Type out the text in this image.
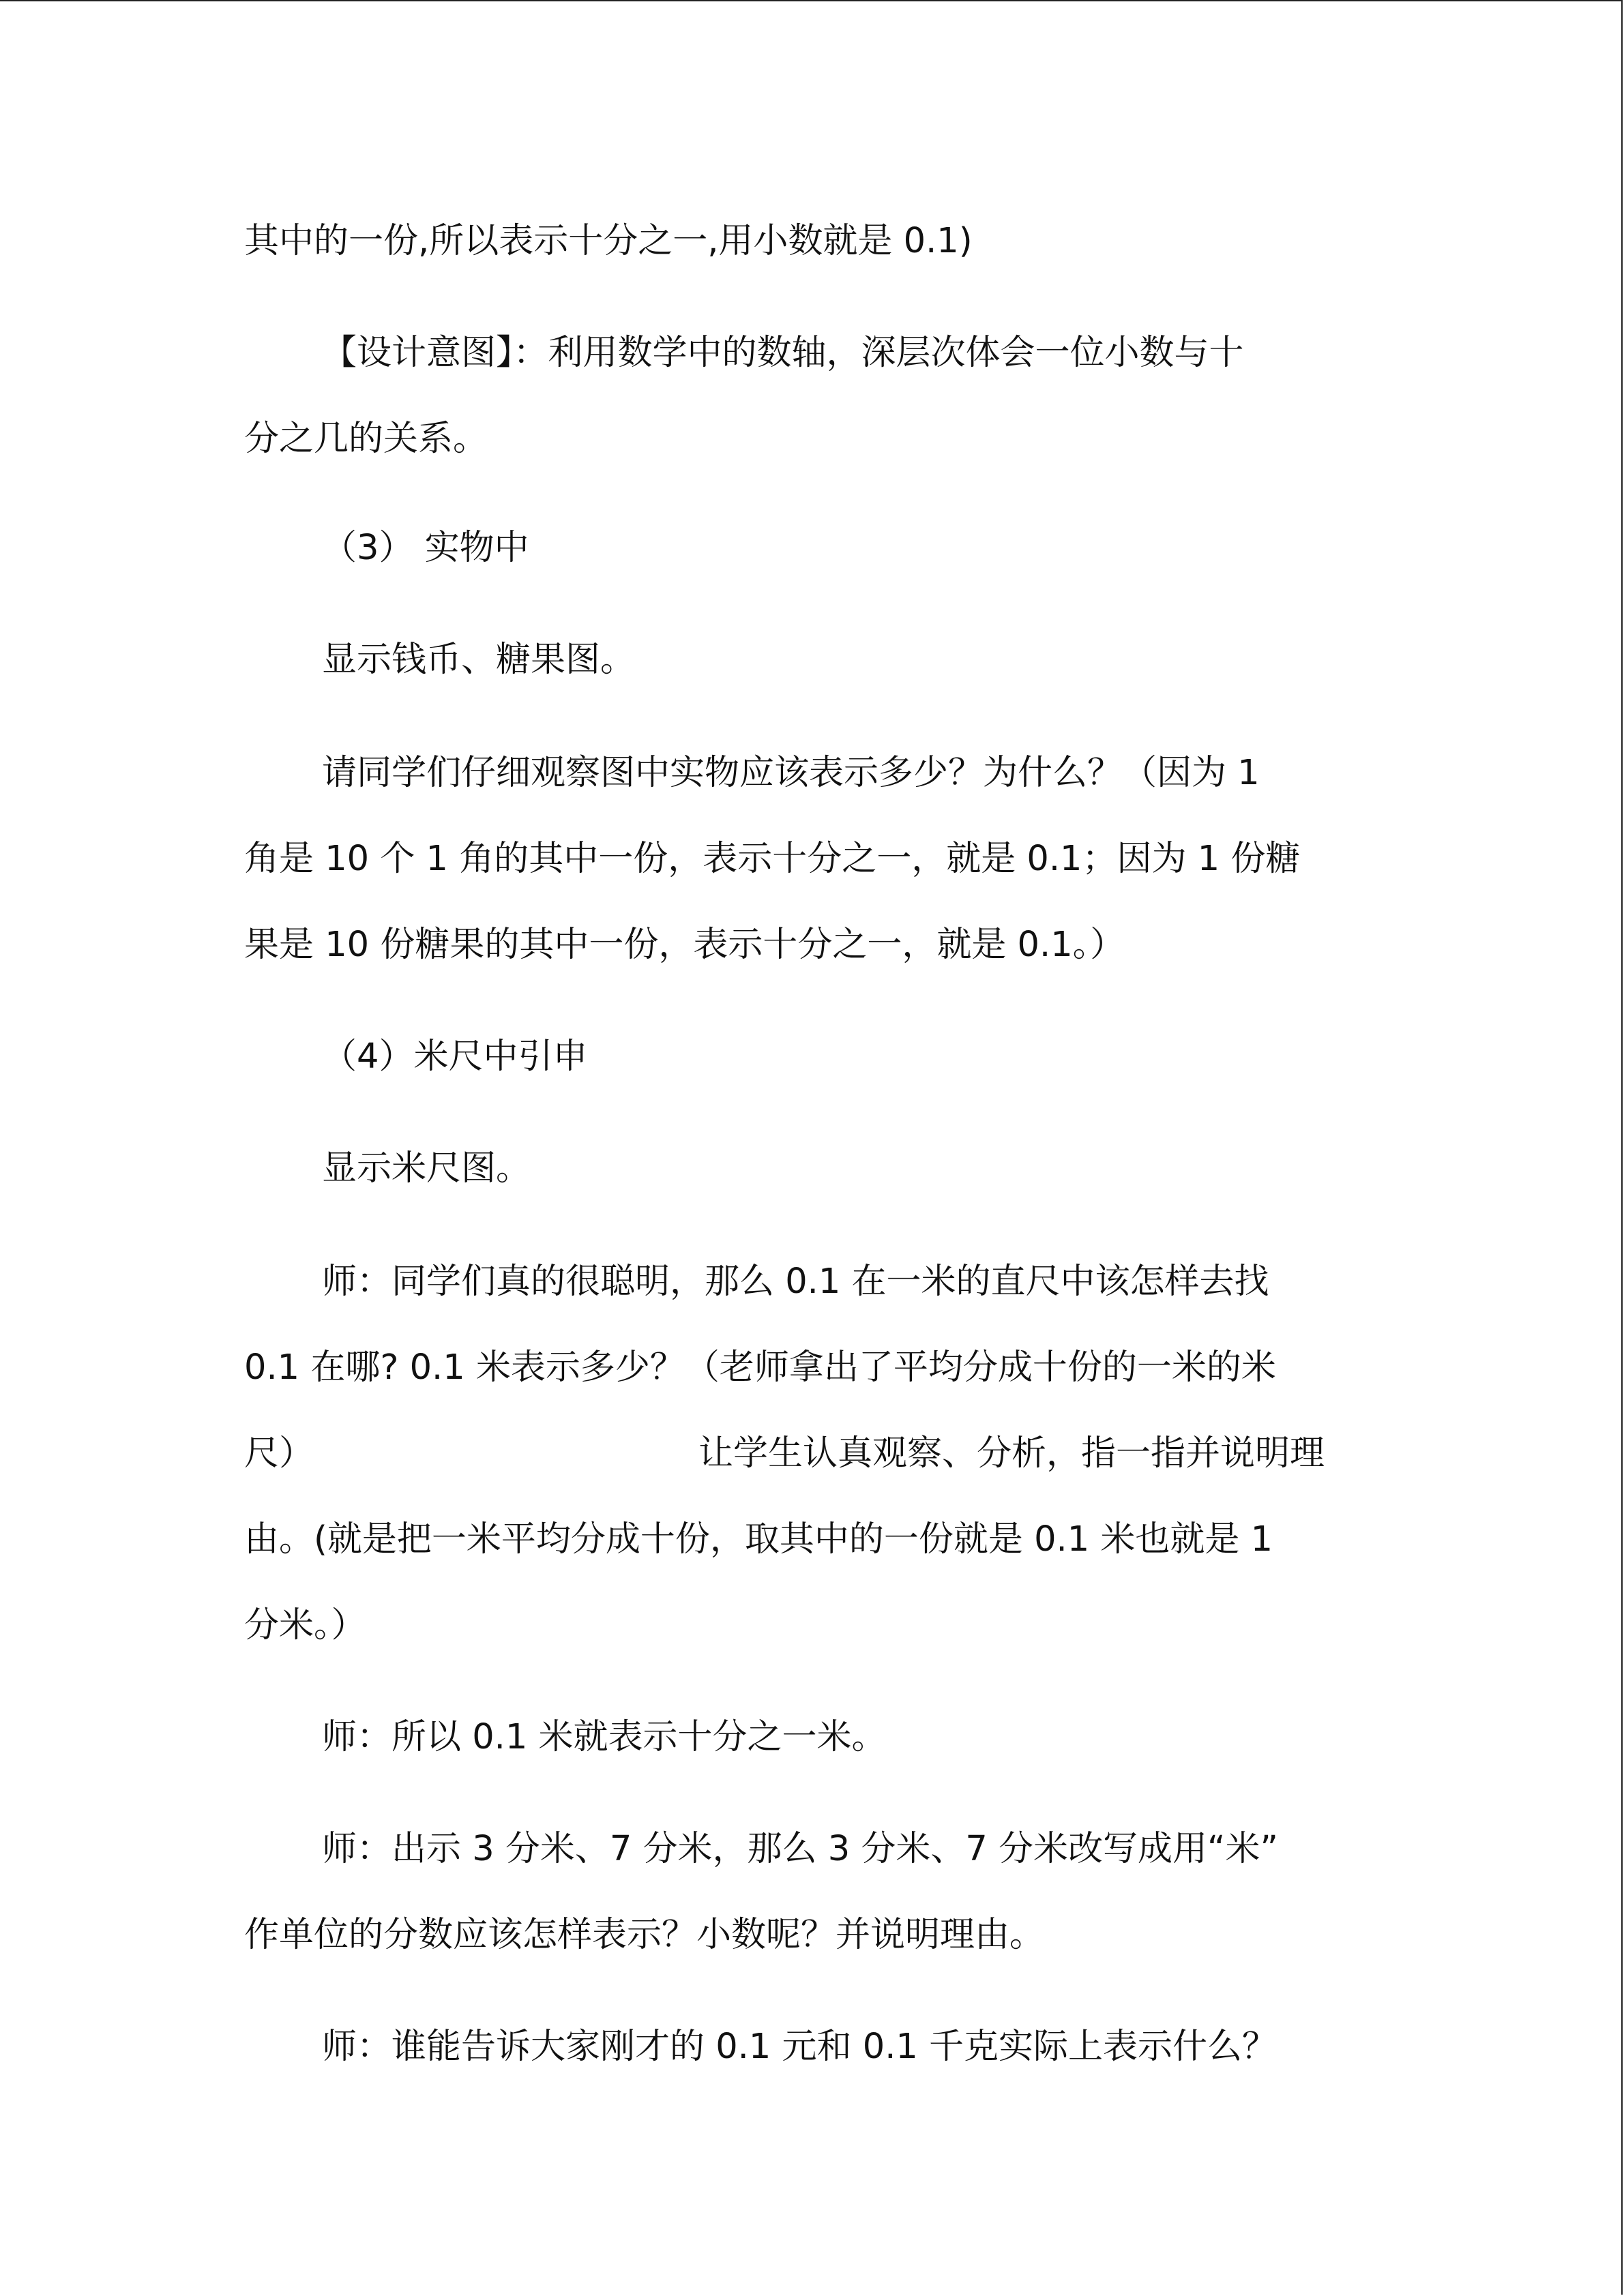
其中的一份,所以表示十分之一,用小数就是 0.1)
【设计意图】：利用数学中的数轴，深层次体会一位小数与十
分之几的关系。
（3） 实物中
显示钱币、糖果图。
请同学们仔细观察图中实物应该表示多少？为什么？（因为 1
角是 10 个 1 角的其中一份，表示十分之一，就是 0.1；因为 1 份糖
果是 10 份糖果的其中一份，表示十分之一，就是 0.1。）
（4）米尺中引申
显示米尺图。
师：同学们真的很聪明，那么 0.1 在一米的直尺中该怎样去找
0.1 在哪? 0.1 米表示多少？（老师拿出了平均分成十份的一米的米
尺）	让学生认真观察、分析，指一指并说明理
由。(就是把一米平均分成十份，取其中的一份就是 0.1 米也就是 1
分米。）
师：所以 0.1 米就表示十分之一米。
师：出示 3 分米、7 分米，那么 3 分米、7 分米改写成用“米”
作单位的分数应该怎样表示？小数呢？并说明理由。
师：谁能告诉大家刚才的 0.1 元和 0.1 千克实际上表示什么？
